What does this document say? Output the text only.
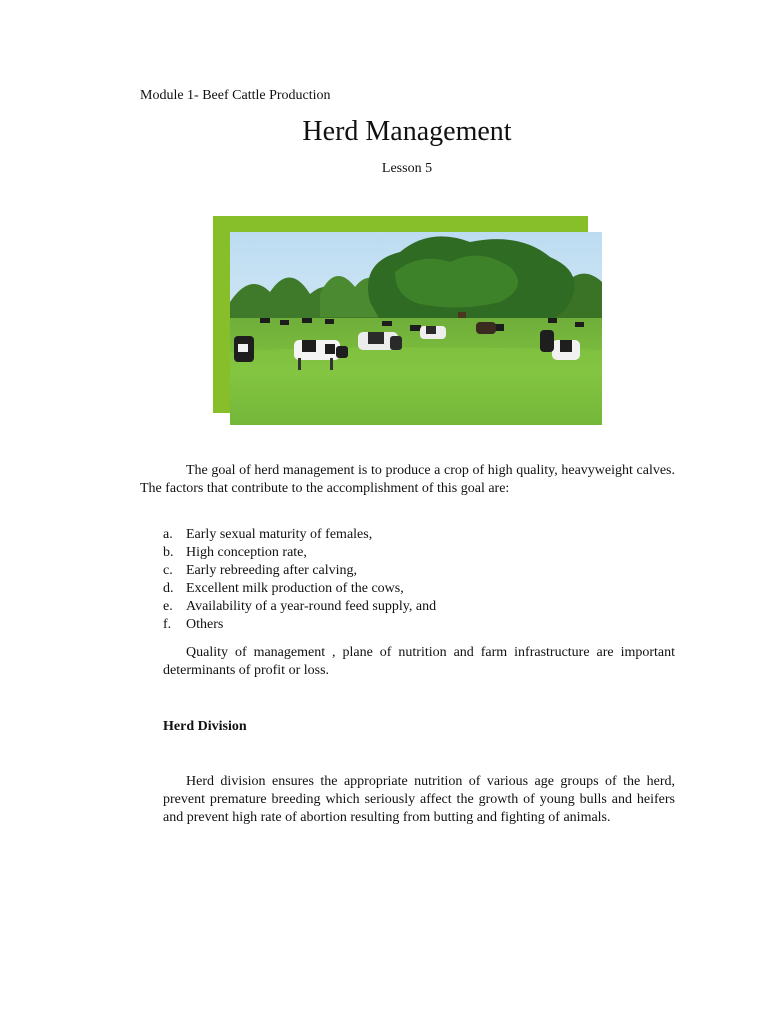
Module 1- Beef Cattle Production
Herd Management
Lesson 5

The goal of herd management is to produce a crop of high quality, heavyweight calves. The factors that contribute to the accomplishment of this goal are:

a. Early sexual maturity of females,
b. High conception rate,
c. Early rebreeding after calving,
d. Excellent milk production of the cows,
e. Availability of a year-round feed supply, and
f. Others

Quality of management , plane of nutrition and farm infrastructure are important determinants of profit or loss.

Herd Division

Herd division ensures the appropriate nutrition of various age groups of the herd, prevent premature breeding which seriously affect the growth of young bulls and heifers and prevent high rate of abortion resulting from butting and fighting of animals.
